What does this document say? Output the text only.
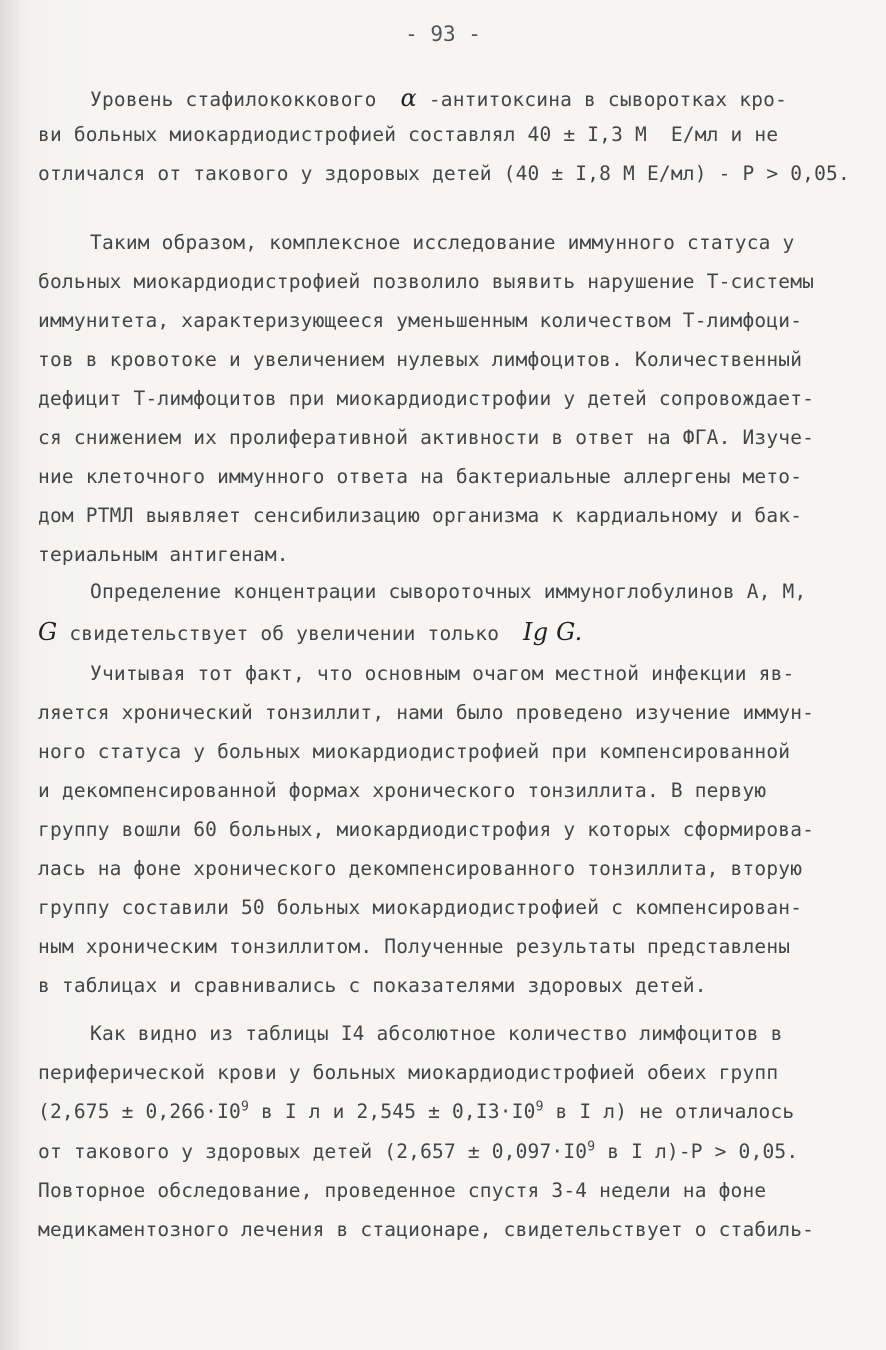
- 93 -
Уровень стафилококкового  α -антитоксина в сыворотках кро-
ви больных миокардиодистрофией составлял 40 ± I,3 М  Е/мл и не
отличался от такового у здоровых детей (40 ± I,8 М Е/мл) - Р > 0,05.
Таким образом, комплексное исследование иммунного статуса у
больных миокардиодистрофией позволило выявить нарушение Т-системы
иммунитета, характеризующееся уменьшенным количеством Т-лимфоци-
тов в кровотоке и увеличением нулевых лимфоцитов. Количественный
дефицит Т-лимфоцитов при миокардиодистрофии у детей сопровождает-
ся снижением их пролиферативной активности в ответ на ФГА. Изуче-
ние клеточного иммунного ответа на бактериальные аллергены мето-
дом РТМЛ выявляет сенсибилизацию организма к кардиальному и бак-
териальным антигенам.
Определение концентрации сывороточных иммуноглобулинов А, М,
G свидетельствует об увеличении только  Ig G.
Учитывая тот факт, что основным очагом местной инфекции яв-
ляется хронический тонзиллит, нами было проведено изучение иммун-
ного статуса у больных миокардиодистрофией при компенсированной
и декомпенсированной формах хронического тонзиллита. В первую
группу вошли 60 больных, миокардиодистрофия у которых сформирова-
лась на фоне хронического декомпенсированного тонзиллита, вторую
группу составили 50 больных миокардиодистрофией с компенсирован-
ным хроническим тонзиллитом. Полученные результаты представлены
в таблицах и сравнивались с показателями здоровых детей.
Как видно из таблицы I4 абсолютное количество лимфоцитов в
периферической крови у больных миокардиодистрофией обеих групп
($2,675 \pm 0,266\cdot I0^9$ в I л и $2,545 \pm 0,I3\cdot I0^9$ в I л) не отличалось
от такового у здоровых детей ($2,657 \pm 0,097\cdot I0^9$ в I л)-Р > 0,05.
Повторное обследование, проведенное спустя 3-4 недели на фоне
медикаментозного лечения в стационаре, свидетельствует о стабиль-
